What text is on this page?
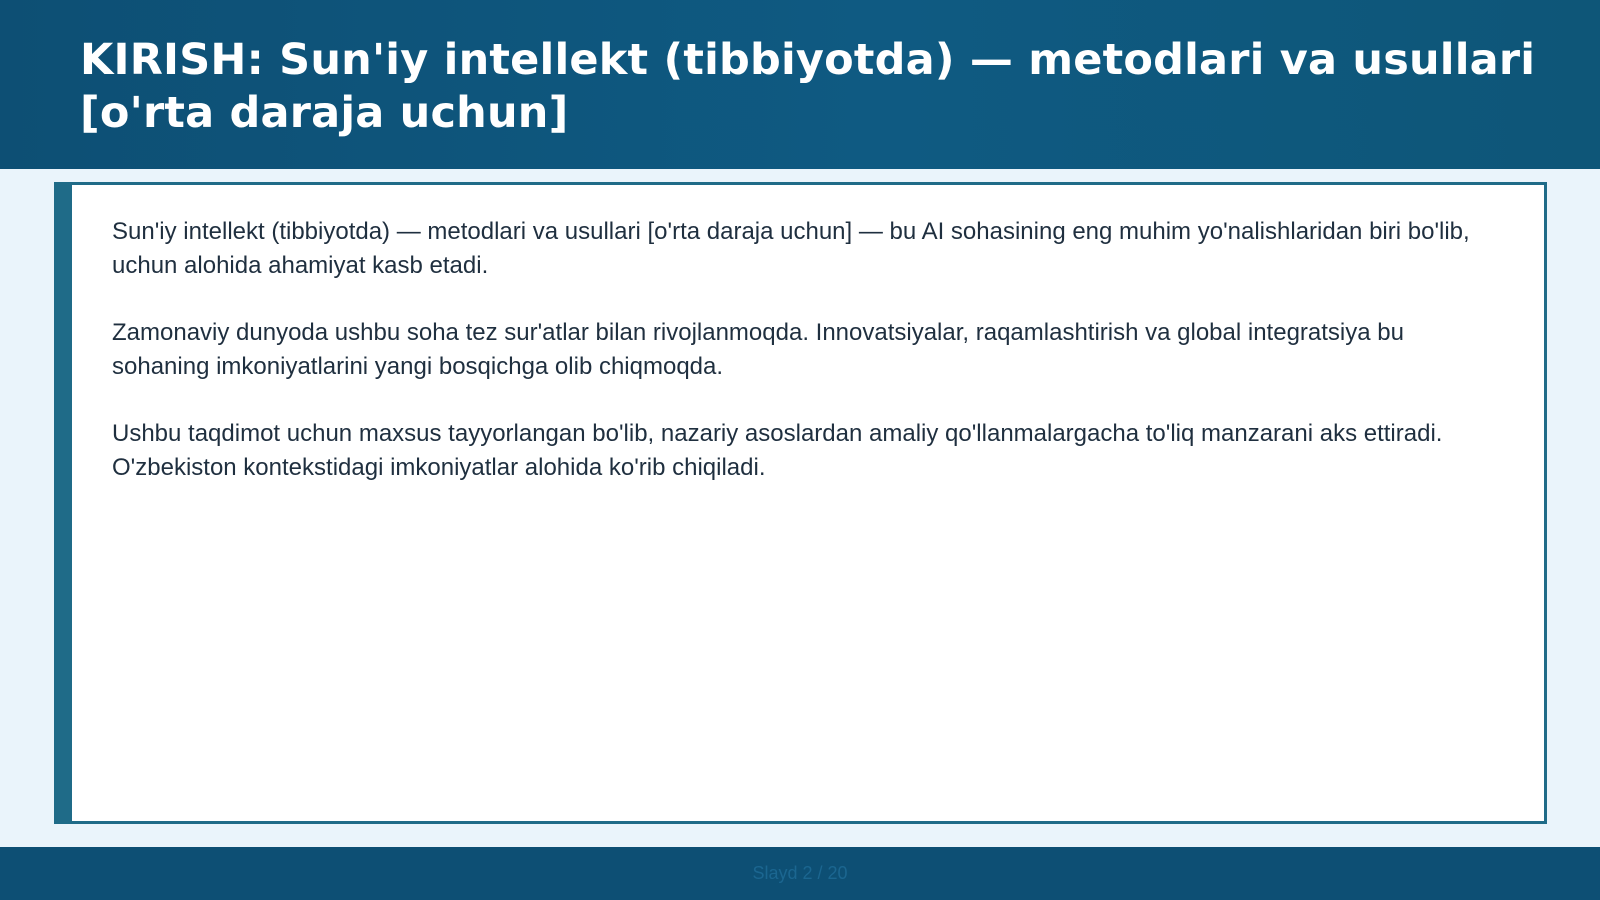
KIRISH: Sun'iy intellekt (tibbiyotda) — metodlari va usullari [o'rta daraja uchun]

Sun'iy intellekt (tibbiyotda) — metodlari va usullari [o'rta daraja uchun] — bu AI sohasining eng muhim yo'nalishlaridan biri bo'lib, uchun alohida ahamiyat kasb etadi.

Zamonaviy dunyoda ushbu soha tez sur'atlar bilan rivojlanmoqda. Innovatsiyalar, raqamlashtirish va global integratsiya bu sohaning imkoniyatlarini yangi bosqichga olib chiqmoqda.

Ushbu taqdimot uchun maxsus tayyorlangan bo'lib, nazariy asoslardan amaliy qo'llanmalargacha to'liq manzarani aks ettiradi. O'zbekiston kontekstidagi imkoniyatlar alohida ko'rib chiqiladi.

Slayd 2 / 20
